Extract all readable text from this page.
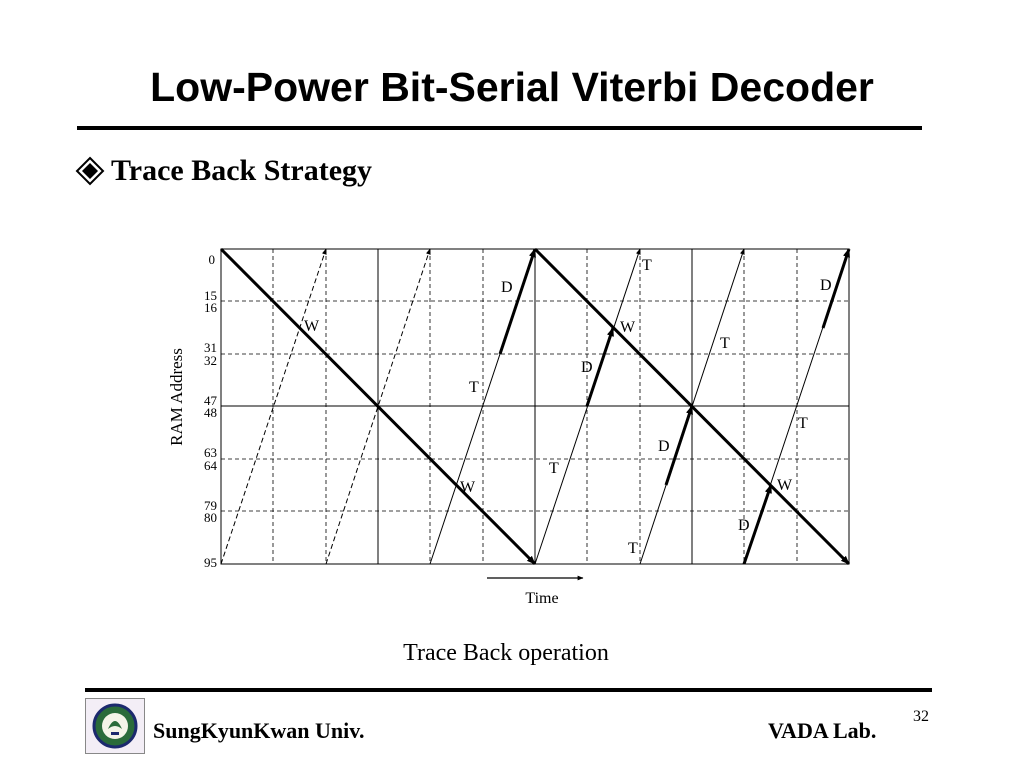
Low-Power Bit-Serial Viterbi Decoder
Trace Back Strategy
0
15
16
31
32
47
48
63
64
79
80
95
RAM Address
Time
W
W
T
D
T
D
W
T
D
T
D
T
T
D
W
Trace Back operation
SungKyunKwan Univ.	VADA Lab.
32
